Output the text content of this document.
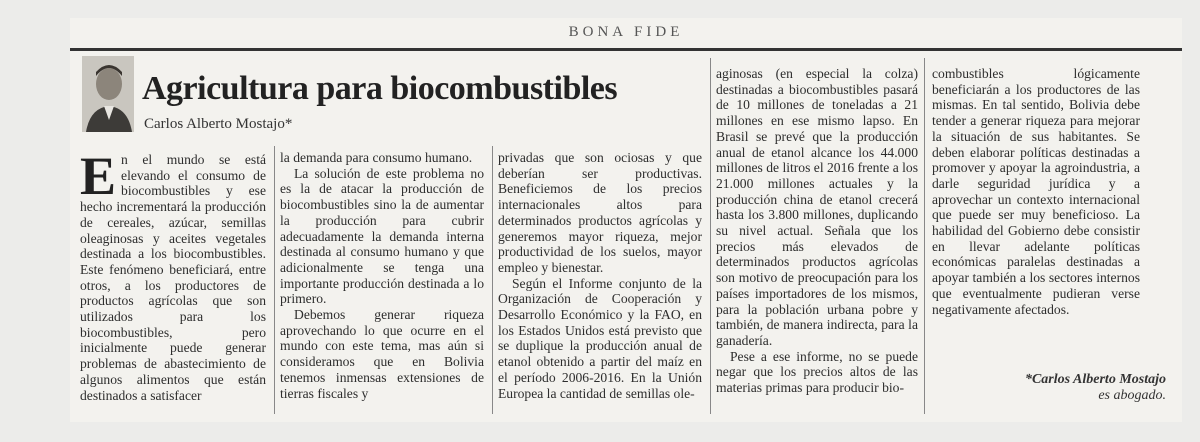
BONA FIDE
Agricultura para biocombustibles
Carlos Alberto Mostajo*

En el mundo se está elevando el consumo de biocombustibles y ese hecho incrementará la producción de cereales, azúcar, semillas oleaginosas y aceites vegetales destinada a los biocombustibles. Este fenómeno beneficiará, entre otros, a los productores de productos agrícolas que son utilizados para los biocombustibles, pero inicialmente puede generar problemas de abastecimiento de algunos alimentos que están destinados a satisfacer

la demanda para consumo humano.

La solución de este problema no es la de atacar la producción de biocombustibles sino la de aumentar la producción para cubrir adecuadamente la demanda interna destinada al consumo humano y que adicionalmente se tenga una importante producción destinada a lo primero.

Debemos generar riqueza aprovechando lo que ocurre en el mundo con este tema, mas aún si consideramos que en Bolivia tenemos inmensas extensiones de tierras fiscales y

privadas que son ociosas y que deberían ser productivas. Beneficiemos de los precios internacionales altos para determinados productos agrícolas y generemos mayor riqueza, mejor productividad de los suelos, mayor empleo y bienestar.

Según el Informe conjunto de la Organización de Cooperación y Desarrollo Económico y la FAO, en los Estados Unidos está previsto que se duplique la producción anual de etanol obtenido a partir del maíz en el período 2006-2016. En la Unión Europea la cantidad de semillas ole-

aginosas (en especial la colza) destinadas a biocombustibles pasará de 10 millones de toneladas a 21 millones en ese mismo lapso. En Brasil se prevé que la producción anual de etanol alcance los 44.000 millones de litros el 2016 frente a los 21.000 millones actuales y la producción china de etanol crecerá hasta los 3.800 millones, duplicando su nivel actual. Señala que los precios más elevados de determinados productos agrícolas son motivo de preocupación para los países importadores de los mismos, para la población urbana pobre y también, de manera indirecta, para la ganadería.

Pese a ese informe, no se puede negar que los precios altos de las materias primas para producir bio-

combustibles lógicamente beneficiarán a los productores de las mismas. En tal sentido, Bolivia debe tender a generar riqueza para mejorar la situación de sus habitantes. Se deben elaborar políticas destinadas a promover y apoyar la agroindustria, a darle seguridad jurídica y a aprovechar un contexto internacional que puede ser muy beneficioso. La habilidad del Gobierno debe consistir en llevar adelante políticas económicas paralelas destinadas a apoyar también a los sectores internos que eventualmente pudieran verse negativamente afectados.

*Carlos Alberto Mostajo
es abogado.
